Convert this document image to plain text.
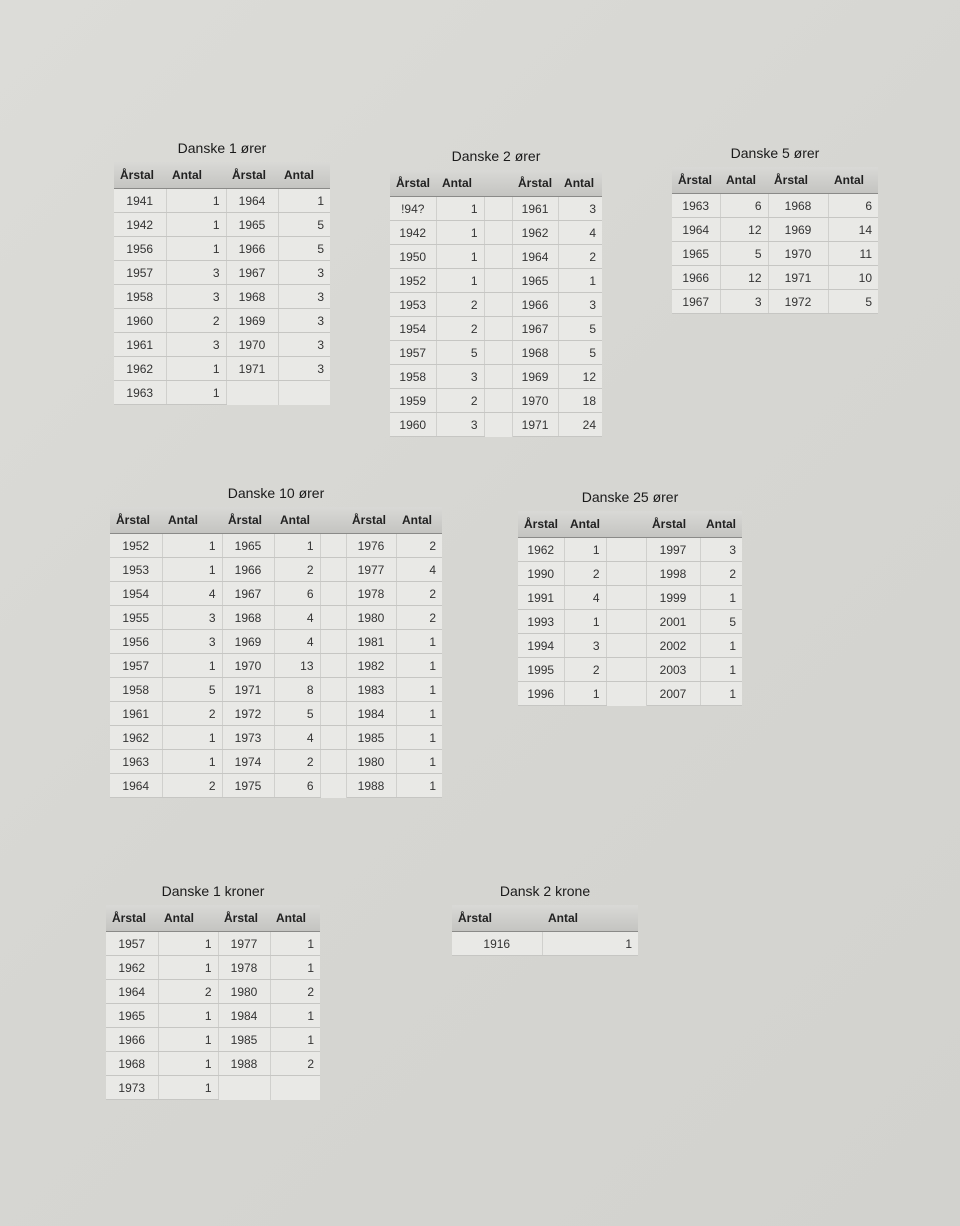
Danske 1 ører
Årstal	Antal	Årstal	Antal
1941	1	1964	1
1942	1	1965	5
1956	1	1966	5
1957	3	1967	3
1958	3	1968	3
1960	2	1969	3
1961	3	1970	3
1962	1	1971	3
1963	1		
Danske 2 ører
Årstal	Antal		Årstal	Antal
!94?	1		1961	3
1942	1		1962	4
1950	1		1964	2
1952	1		1965	1
1953	2		1966	3
1954	2		1967	5
1957	5		1968	5
1958	3		1969	12
1959	2		1970	18
1960	3		1971	24
Danske 5 ører
Årstal	Antal	Årstal	Antal
1963	6	1968	6
1964	12	1969	14
1965	5	1970	11
1966	12	1971	10
1967	3	1972	5
Danske 10 ører
Årstal	Antal	Årstal	Antal		Årstal	Antal
1952	1	1965	1		1976	2
1953	1	1966	2		1977	4
1954	4	1967	6		1978	2
1955	3	1968	4		1980	2
1956	3	1969	4		1981	1
1957	1	1970	13		1982	1
1958	5	1971	8		1983	1
1961	2	1972	5		1984	1
1962	1	1973	4		1985	1
1963	1	1974	2		1980	1
1964	2	1975	6		1988	1
Danske 25 ører
Årstal	Antal		Årstal	Antal
1962	1		1997	3
1990	2		1998	2
1991	4		1999	1
1993	1		2001	5
1994	3		2002	1
1995	2		2003	1
1996	1		2007	1
Danske 1 kroner
Årstal	Antal	Årstal	Antal
1957	1	1977	1
1962	1	1978	1
1964	2	1980	2
1965	1	1984	1
1966	1	1985	1
1968	1	1988	2
1973	1		
Dansk 2 krone
Årstal	Antal
1916	1
